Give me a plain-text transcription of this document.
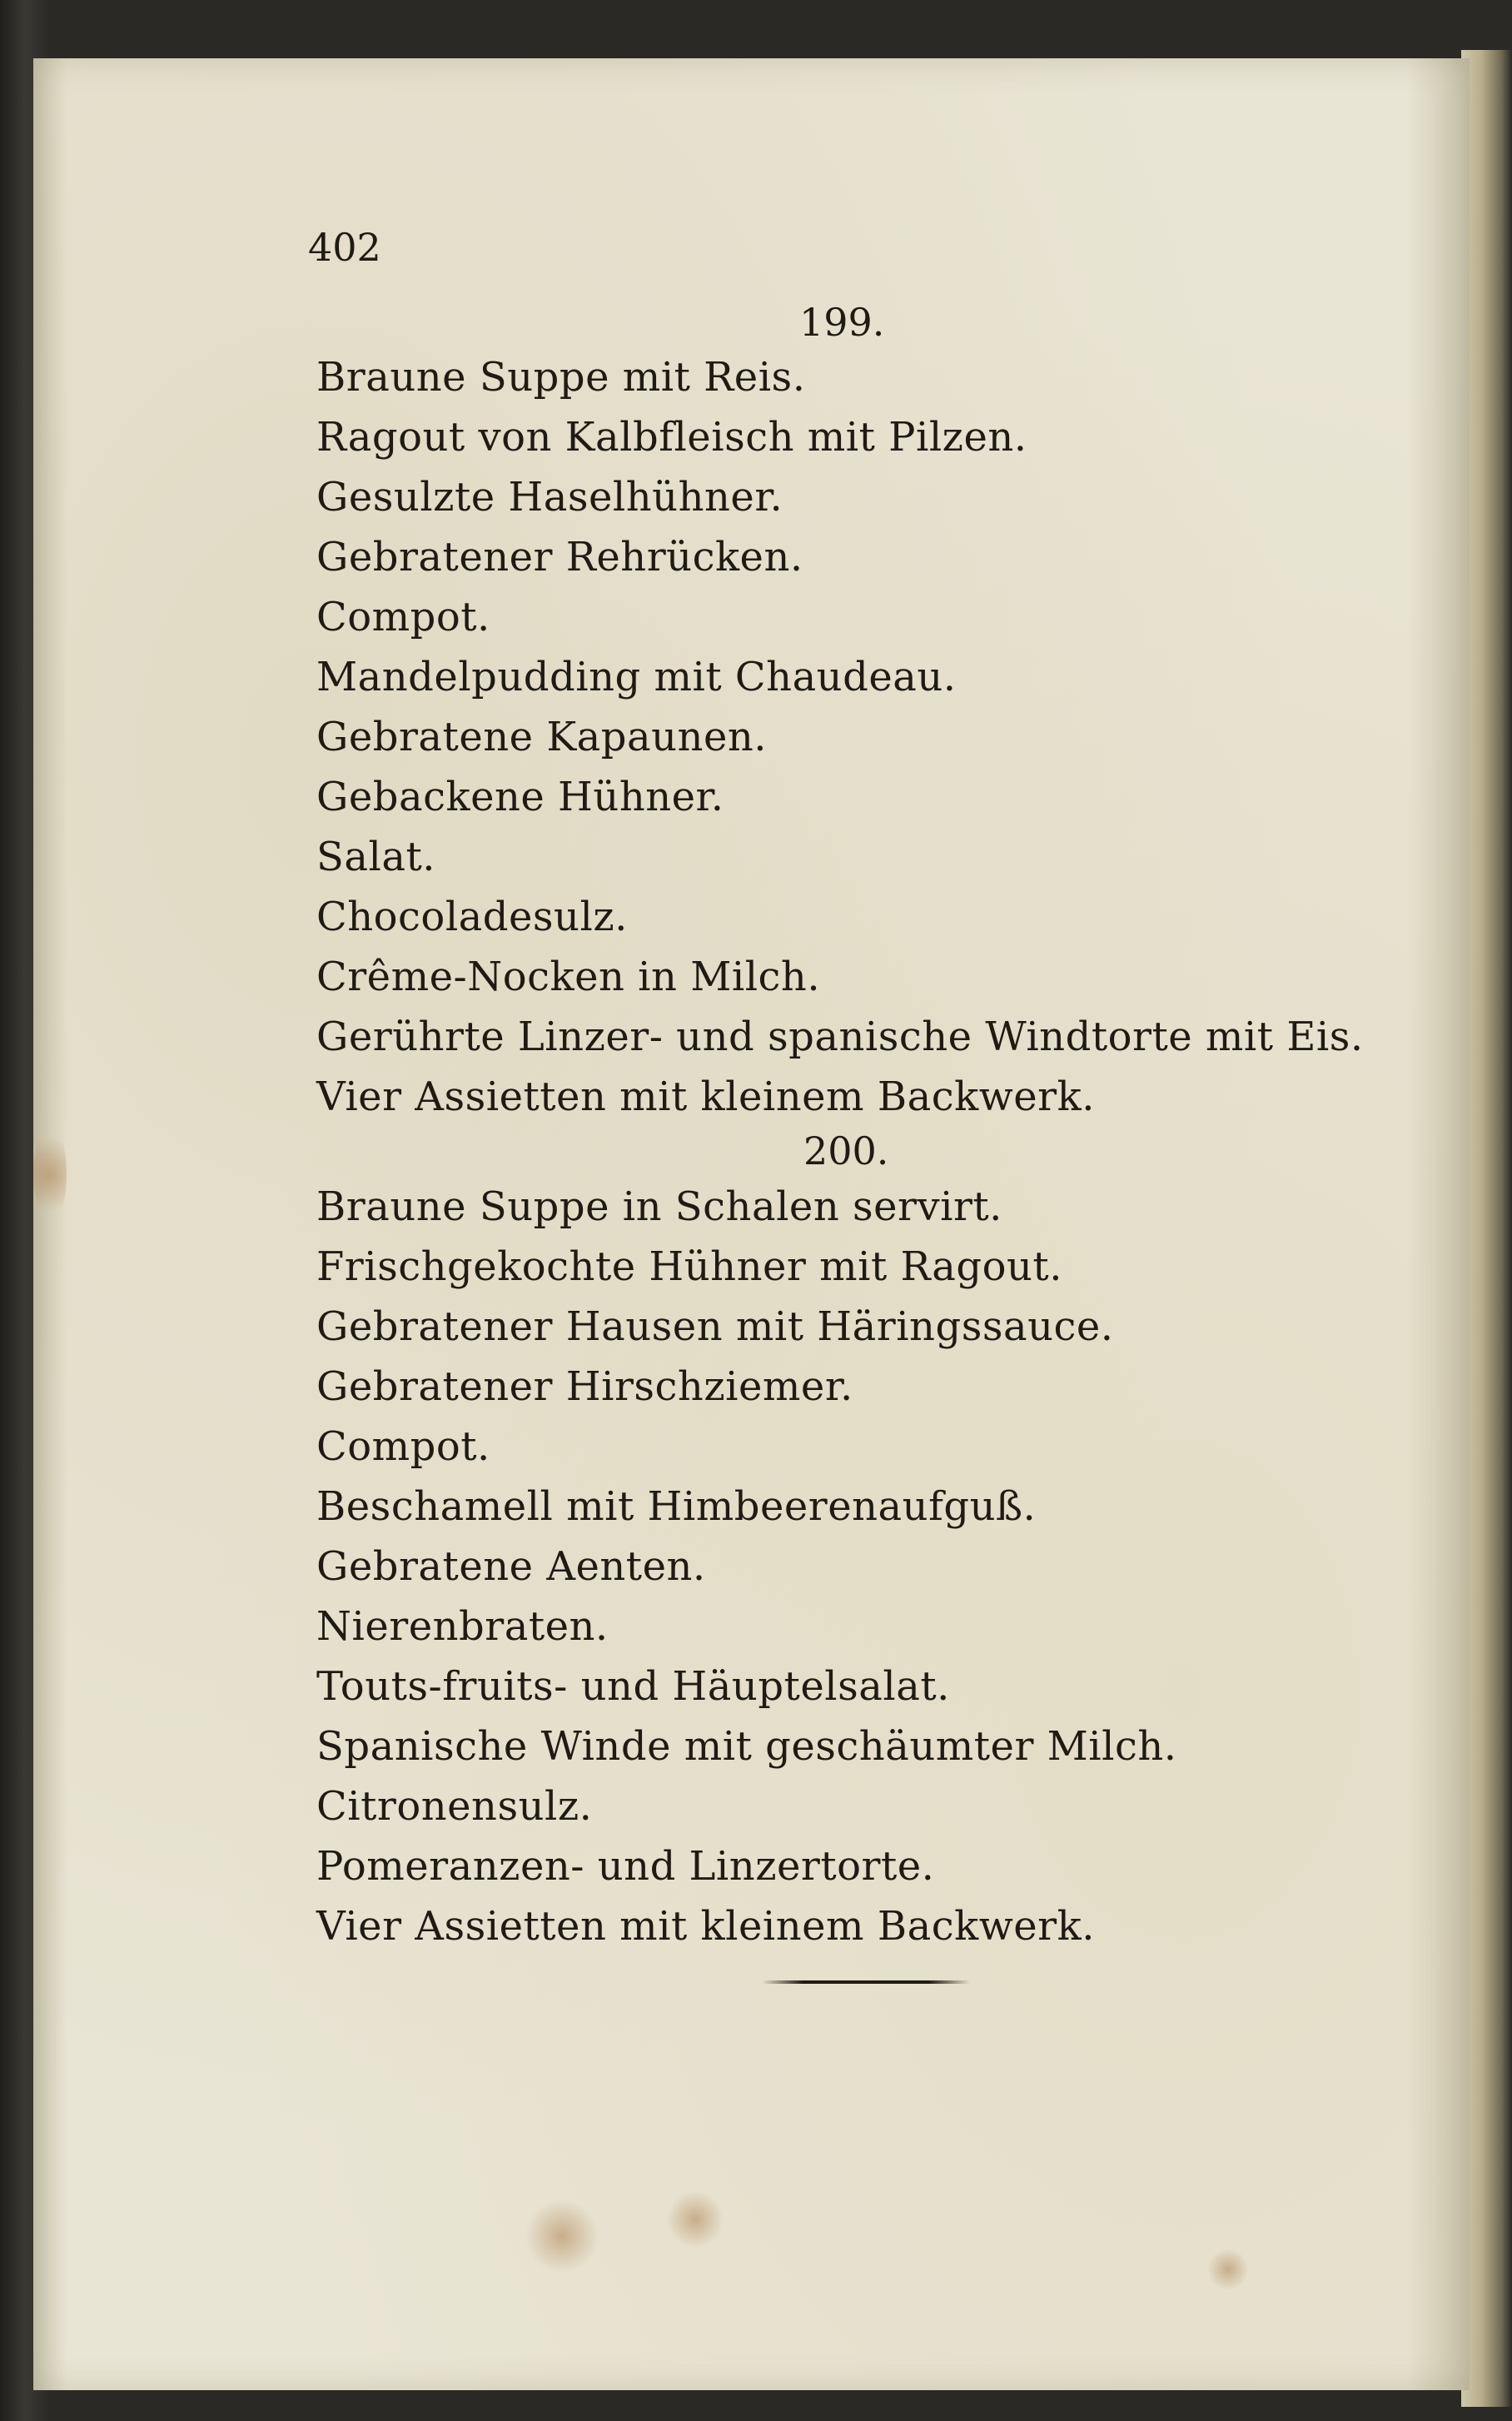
402
199.
Braune Suppe mit Reis.
Ragout von Kalbfleisch mit Pilzen.
Gesulzte Haselhühner.
Gebratener Rehrücken.
Compot.
Mandelpudding mit Chaudeau.
Gebratene Kapaunen.
Gebackene Hühner.
Salat.
Chocoladesulz.
Crême-Nocken in Milch.
Gerührte Linzer- und spanische Windtorte mit Eis.
Vier Assietten mit kleinem Backwerk.
200.
Braune Suppe in Schalen servirt.
Frischgekochte Hühner mit Ragout.
Gebratener Hausen mit Häringssauce.
Gebratener Hirschziemer.
Compot.
Beschamell mit Himbeerenaufguß.
Gebratene Aenten.
Nierenbraten.
Touts-fruits- und Häuptelsalat.
Spanische Winde mit geschäumter Milch.
Citronensulz.
Pomeranzen- und Linzertorte.
Vier Assietten mit kleinem Backwerk.
